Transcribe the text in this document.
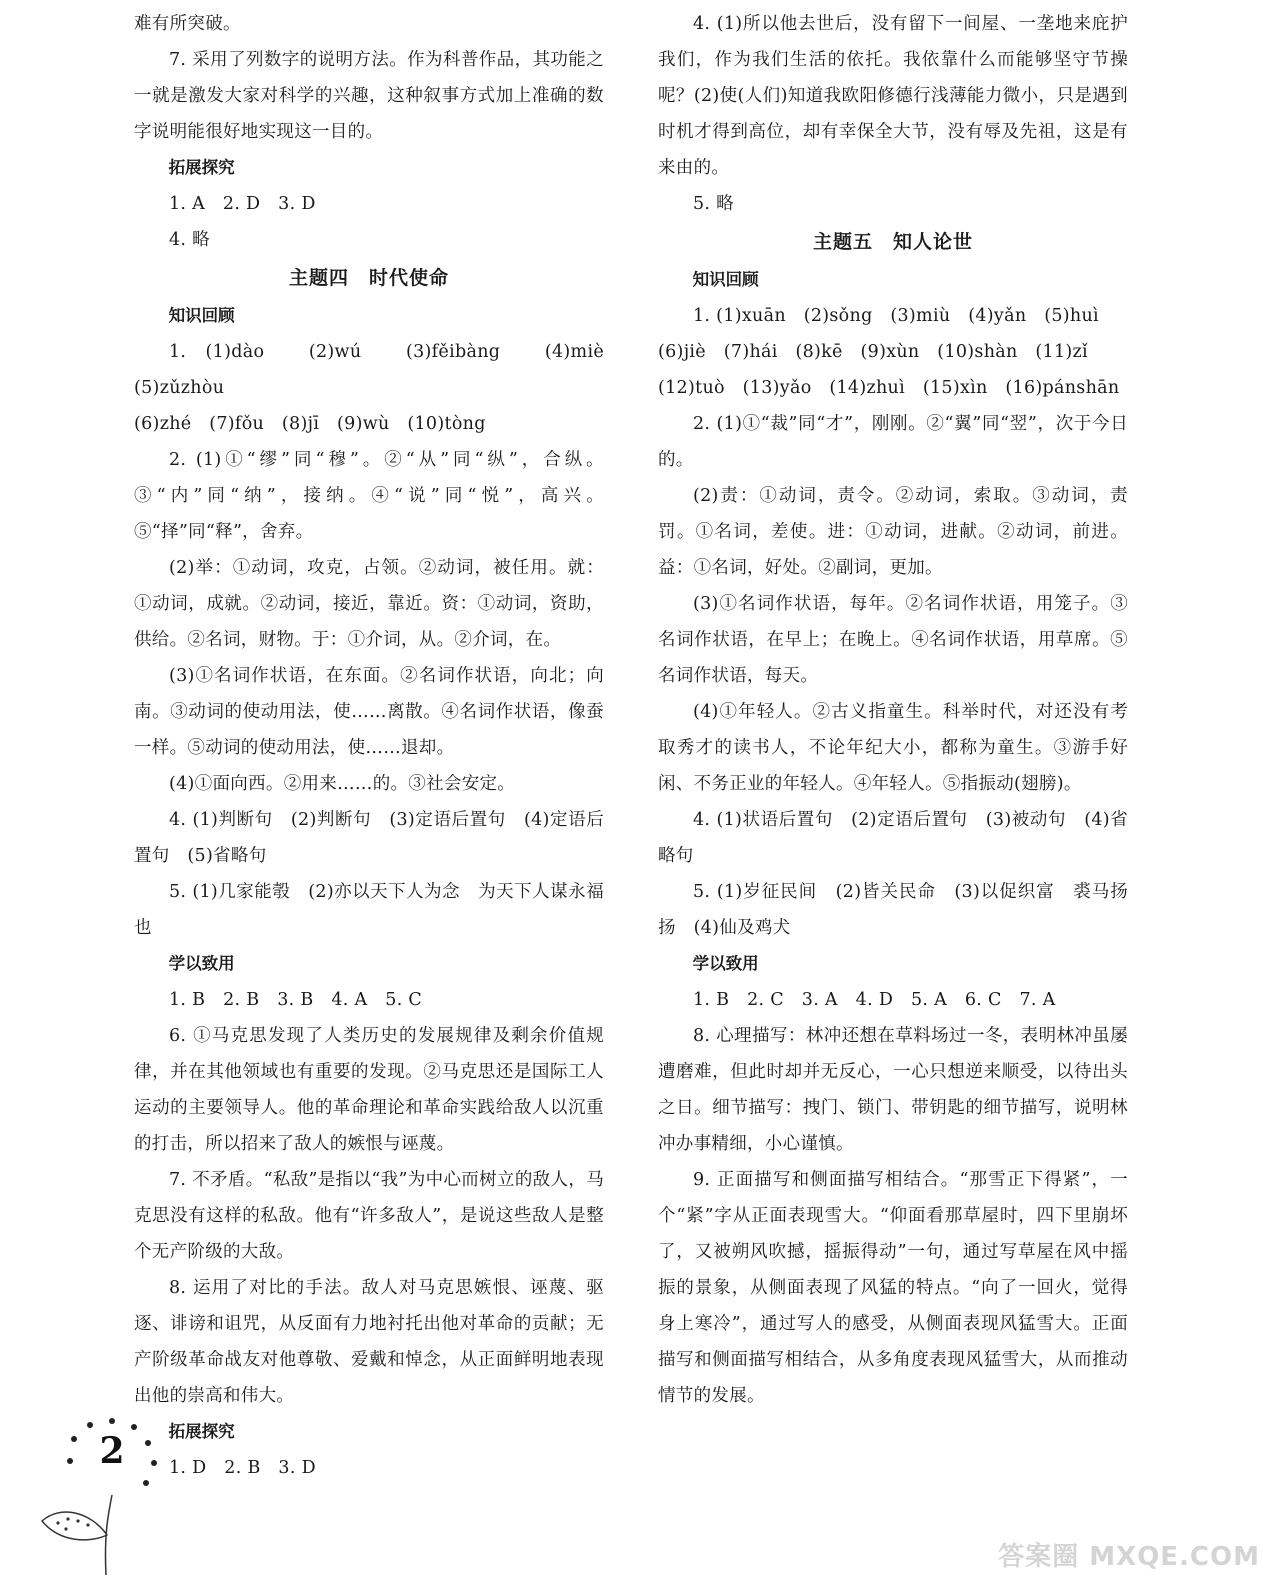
难有所突破。

7. 采用了列数字的说明方法。作为科普作品，其功能之一就是激发大家对科学的兴趣，这种叙事方式加上准确的数字说明能很好地实现这一目的。

拓展探究

1. A　2. D　3. D

4. 略

主题四　时代使命
知识回顾

1. (1)dào　(2)wú　(3)fěibàng　(4)miè　(5)zǔzhòu

(6)zhé　(7)fǒu　(8)jī　(9)wù　(10)tòng

2. (1)①“缪”同“穆”。②“从”同“纵”，合纵。③“内”同“纳”，接纳。④“说”同“悦”，高兴。⑤“择”同“释”，舍弃。

(2)举：①动词，攻克，占领。②动词，被任用。就：①动词，成就。②动词，接近，靠近。资：①动词，资助，供给。②名词，财物。于：①介词，从。②介词，在。

(3)①名词作状语，在东面。②名词作状语，向北；向南。③动词的使动用法，使……离散。④名词作状语，像蚕一样。⑤动词的使动用法，使……退却。

(4)①面向西。②用来……的。③社会安定。

4. (1)判断句　(2)判断句　(3)定语后置句　(4)定语后置句　(5)省略句

5. (1)几家能彀　(2)亦以天下人为念　为天下人谋永福也

学以致用

1. B　2. B　3. B　4. A　5. C

6. ①马克思发现了人类历史的发展规律及剩余价值规律，并在其他领域也有重要的发现。②马克思还是国际工人运动的主要领导人。他的革命理论和革命实践给敌人以沉重的打击，所以招来了敌人的嫉恨与诬蔑。

7. 不矛盾。“私敌”是指以“我”为中心而树立的敌人，马克思没有这样的私敌。他有“许多敌人”，是说这些敌人是整个无产阶级的大敌。

8. 运用了对比的手法。敌人对马克思嫉恨、诬蔑、驱逐、诽谤和诅咒，从反面有力地衬托出他对革命的贡献；无产阶级革命战友对他尊敬、爱戴和悼念，从正面鲜明地表现出他的崇高和伟大。

拓展探究

1. D　2. B　3. D

4. (1)所以他去世后，没有留下一间屋、一垄地来庇护我们，作为我们生活的依托。我依靠什么而能够坚守节操呢？(2)使(人们)知道我欧阳修德行浅薄能力微小，只是遇到时机才得到高位，却有幸保全大节，没有辱及先祖，这是有来由的。

5. 略

主题五　知人论世
知识回顾

1. (1)xuān　(2)sǒng　(3)miù　(4)yǎn　(5)huì

(6)jiè　(7)hái　(8)kē　(9)xùn　(10)shàn　(11)zǐ

(12)tuò　(13)yǎo　(14)zhuì　(15)xìn　(16)pánshān

2. (1)①“裁”同“才”，刚刚。②“翼”同“翌”，次于今日的。

(2)责：①动词，责令。②动词，索取。③动词，责罚。①名词，差使。进：①动词，进献。②动词，前进。益：①名词，好处。②副词，更加。

(3)①名词作状语，每年。②名词作状语，用笼子。③名词作状语，在早上；在晚上。④名词作状语，用草席。⑤名词作状语，每天。

(4)①年轻人。②古义指童生。科举时代，对还没有考取秀才的读书人，不论年纪大小，都称为童生。③游手好闲、不务正业的年轻人。④年轻人。⑤指振动(翅膀)。

4. (1)状语后置句　(2)定语后置句　(3)被动句　(4)省略句

5. (1)岁征民间　(2)皆关民命　(3)以促织富　裘马扬扬　(4)仙及鸡犬

学以致用

1. B　2. C　3. A　4. D　5. A　6. C　7. A

8. 心理描写：林冲还想在草料场过一冬，表明林冲虽屡遭磨难，但此时却并无反心，一心只想逆来顺受，以待出头之日。细节描写：拽门、锁门、带钥匙的细节描写，说明林冲办事精细，小心谨慎。

9. 正面描写和侧面描写相结合。“那雪正下得紧”，一个“紧”字从正面表现雪大。“仰面看那草屋时，四下里崩坏了，又被朔风吹撼，摇振得动”一句，通过写草屋在风中摇振的景象，从侧面表现了风猛的特点。“向了一回火，觉得身上寒冷”，通过写人的感受，从侧面表现风猛雪大。正面描写和侧面描写相结合，从多角度表现风猛雪大，从而推动情节的发展。

2
答案圈 MXQE.COM
